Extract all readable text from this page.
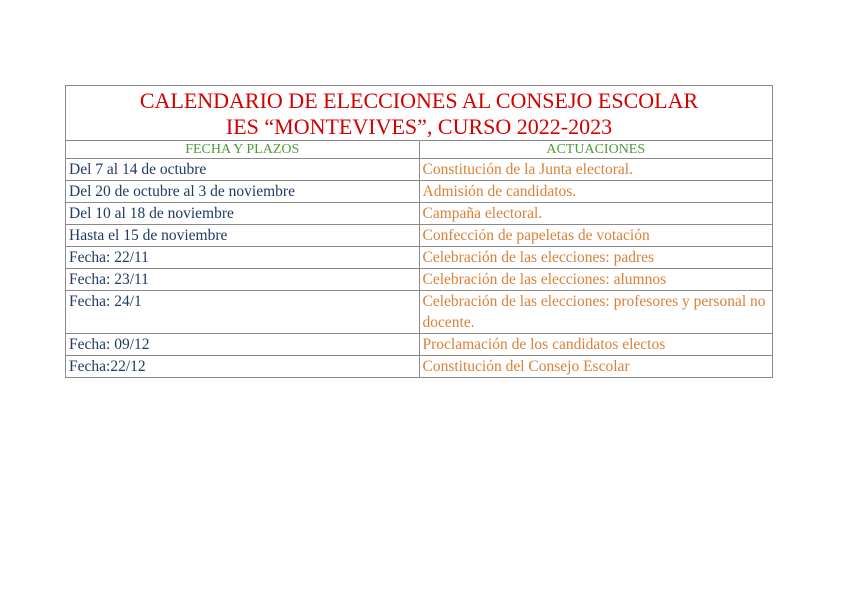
CALENDARIO DE ELECCIONES AL CONSEJO ESCOLAR
IES “MONTEVIVES”, CURSO 2022-2023	

FECHA Y PLAZOS	ACTUACIONES
Del 7 al 14 de octubre	Constitución de la Junta electoral.
Del 20 de octubre al 3 de noviembre	Admisión de candidatos.
Del 10 al 18 de noviembre	Campaña electoral.
Hasta el 15 de noviembre	Confección de papeletas de votación
Fecha: 22/11	Celebración de las elecciones: padres
Fecha: 23/11	Celebración de las elecciones: alumnos
Fecha: 24/1	Celebración de las elecciones: profesores y personal no docente.
Fecha: 09/12	Proclamación de los candidatos electos
Fecha:22/12	Constitución del Consejo Escolar
